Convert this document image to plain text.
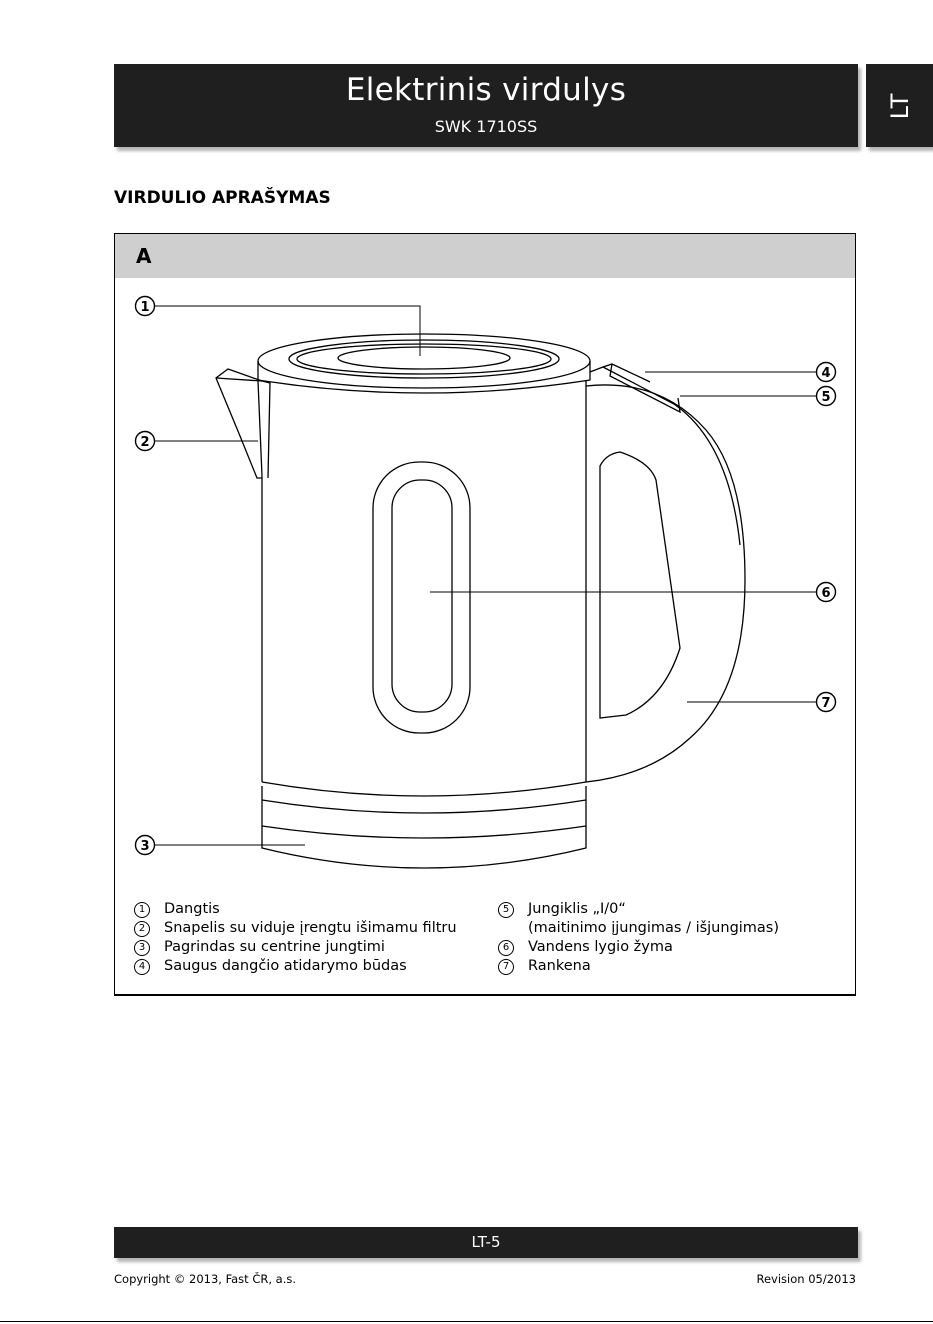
Elektrinis virdulys
SWK 1710SS
LT
VIRDULIO APRAŠYMAS
A
1
2
3
4
5
6
7
1	Dangtis
2	Snapelis su viduje įrengtu išimamu filtru
3	Pagrindas su centrine jungtimi
4	Saugus dangčio atidarymo būdas
5	Jungiklis „I/0“
(maitinimo įjungimas / išjungimas)
6	Vandens lygio žyma
7	Rankena
LT-5
Copyright © 2013, Fast ČR, a.s.	Revision 05/2013
